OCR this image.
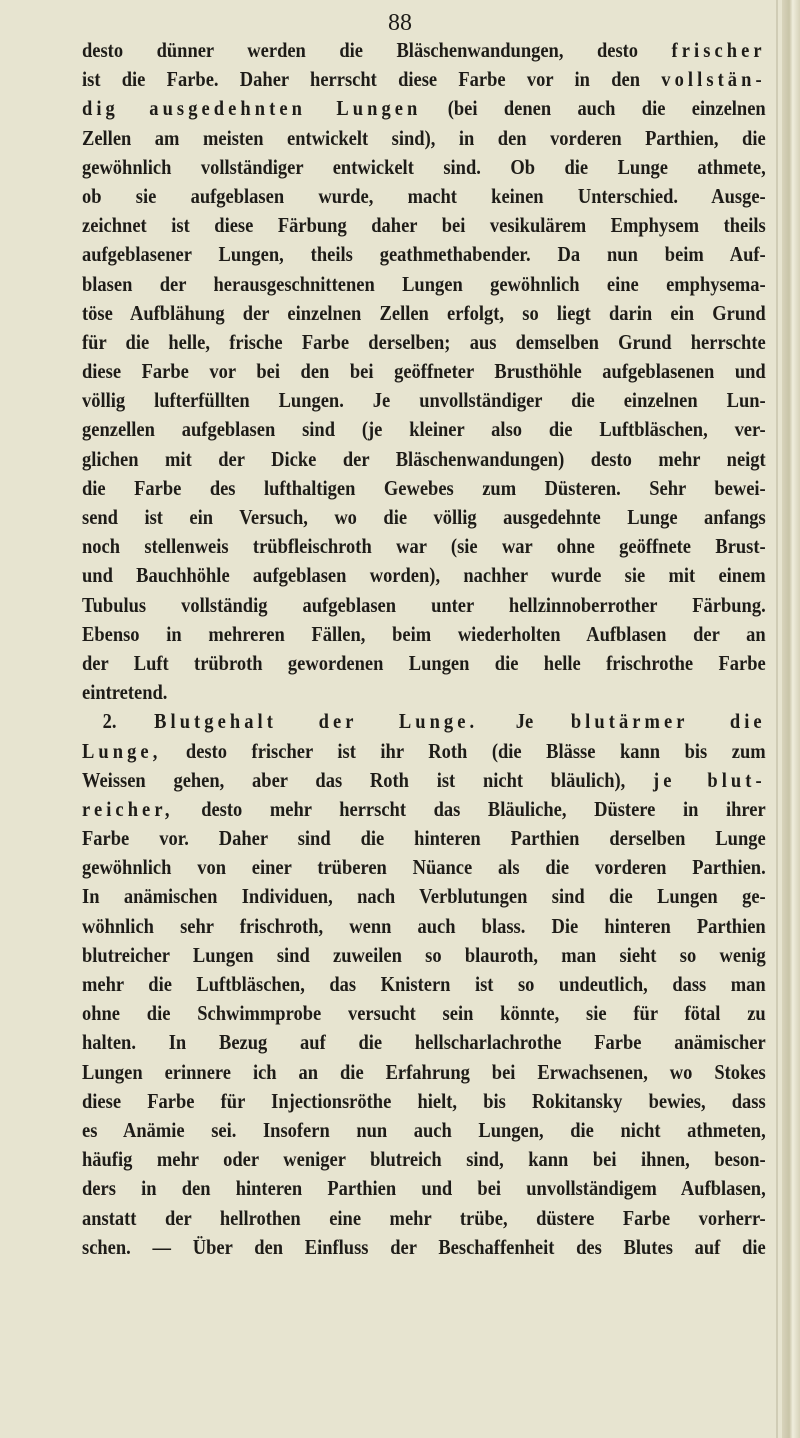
88
desto dünner werden die Bläschenwandungen, desto frischer
ist die Farbe. Daher herrscht diese Farbe vor in den vollstän-
dig ausgedehnten Lungen (bei denen auch die einzelnen
Zellen am meisten entwickelt sind), in den vorderen Parthien, die
gewöhnlich vollständiger entwickelt sind. Ob die Lunge athmete,
ob sie aufgeblasen wurde, macht keinen Unterschied. Ausge-
zeichnet ist diese Färbung daher bei vesikulärem Emphysem theils
aufgeblasener Lungen, theils geathmethabender. Da nun beim Auf-
blasen der herausgeschnittenen Lungen gewöhnlich eine emphysema-
töse Aufblähung der einzelnen Zellen erfolgt, so liegt darin ein Grund
für die helle, frische Farbe derselben; aus demselben Grund herrschte
diese Farbe vor bei den bei geöffneter Brusthöhle aufgeblasenen und
völlig lufterfüllten Lungen. Je unvollständiger die einzelnen Lun-
genzellen aufgeblasen sind (je kleiner also die Luftbläschen, ver-
glichen mit der Dicke der Bläschenwandungen) desto mehr neigt
die Farbe des lufthaltigen Gewebes zum Düsteren. Sehr bewei-
send ist ein Versuch, wo die völlig ausgedehnte Lunge anfangs
noch stellenweis trübfleischroth war (sie war ohne geöffnete Brust-
und Bauchhöhle aufgeblasen worden), nachher wurde sie mit einem
Tubulus vollständig aufgeblasen unter hellzinnoberrother Färbung.
Ebenso in mehreren Fällen, beim wiederholten Aufblasen der an
der Luft trübroth gewordenen Lungen die helle frischrothe Farbe
eintretend.
2. Blutgehalt der Lunge. Je blutärmer die
Lunge, desto frischer ist ihr Roth (die Blässe kann bis zum
Weissen gehen, aber das Roth ist nicht bläulich), je blut-
reicher, desto mehr herrscht das Bläuliche, Düstere in ihrer
Farbe vor. Daher sind die hinteren Parthien derselben Lunge
gewöhnlich von einer trüberen Nüance als die vorderen Parthien.
In anämischen Individuen, nach Verblutungen sind die Lungen ge-
wöhnlich sehr frischroth, wenn auch blass. Die hinteren Parthien
blutreicher Lungen sind zuweilen so blauroth, man sieht so wenig
mehr die Luftbläschen, das Knistern ist so undeutlich, dass man
ohne die Schwimmprobe versucht sein könnte, sie für fötal zu
halten. In Bezug auf die hellscharlachrothe Farbe anämischer
Lungen erinnere ich an die Erfahrung bei Erwachsenen, wo Stokes
diese Farbe für Injectionsröthe hielt, bis Rokitansky bewies, dass
es Anämie sei. Insofern nun auch Lungen, die nicht athmeten,
häufig mehr oder weniger blutreich sind, kann bei ihnen, beson-
ders in den hinteren Parthien und bei unvollständigem Aufblasen,
anstatt der hellrothen eine mehr trübe, düstere Farbe vorherr-
schen. — Über den Einfluss der Beschaffenheit des Blutes auf die
